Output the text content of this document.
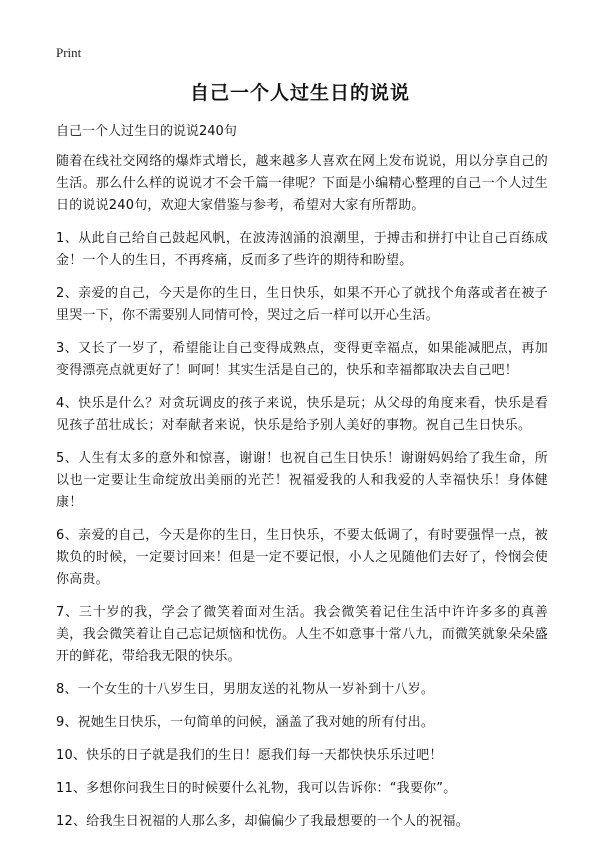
Print
自己一个人过生日的说说

自己一个人过生日的说说240句

随着在线社交网络的爆炸式增长，越来越多人喜欢在网上发布说说，用以分享自己的生活。那么什么样的说说才不会千篇一律呢？下面是小编精心整理的自己一个人过生日的说说240句，欢迎大家借鉴与参考，希望对大家有所帮助。

1、从此自己给自己鼓起风帆，在波涛汹涌的浪潮里，于搏击和拼打中让自己百练成金！一个人的生日，不再疼痛，反而多了些许的期待和盼望。

2、亲爱的自己，今天是你的生日，生日快乐，如果不开心了就找个角落或者在被子里哭一下，你不需要别人同情可怜，哭过之后一样可以开心生活。

3、又长了一岁了，希望能让自己变得成熟点，变得更幸福点，如果能减肥点，再加变得漂亮点就更好了！呵呵！其实生活是自己的，快乐和幸福都取决去自己吧！

4、快乐是什么？对贪玩调皮的孩子来说，快乐是玩；从父母的角度来看，快乐是看见孩子茁壮成长；对奉献者来说，快乐是给予别人美好的事物。祝自己生日快乐。

5、人生有太多的意外和惊喜，谢谢！也祝自己生日快乐！谢谢妈妈给了我生命，所以也一定要让生命绽放出美丽的光芒！祝福爱我的人和我爱的人幸福快乐！身体健康！

6、亲爱的自己，今天是你的生日，生日快乐，不要太低调了，有时要强悍一点，被欺负的时候，一定要讨回来！但是一定不要记恨，小人之见随他们去好了，怜悯会使你高贵。

7、三十岁的我，学会了微笑着面对生活。我会微笑着记住生活中许许多多的真善美，我会微笑着让自己忘记烦恼和忧伤。人生不如意事十常八九，而微笑就象朵朵盛开的鲜花，带给我无限的快乐。

8、一个女生的十八岁生日，男朋友送的礼物从一岁补到十八岁。

9、祝她生日快乐，一句简单的问候，涵盖了我对她的所有付出。

10、快乐的日子就是我们的生日！愿我们每一天都快快乐乐过吧！

11、多想你问我生日的时候要什么礼物，我可以告诉你：“我要你”。

12、给我生日祝福的人那么多，却偏偏少了我最想要的一个人的祝福。
